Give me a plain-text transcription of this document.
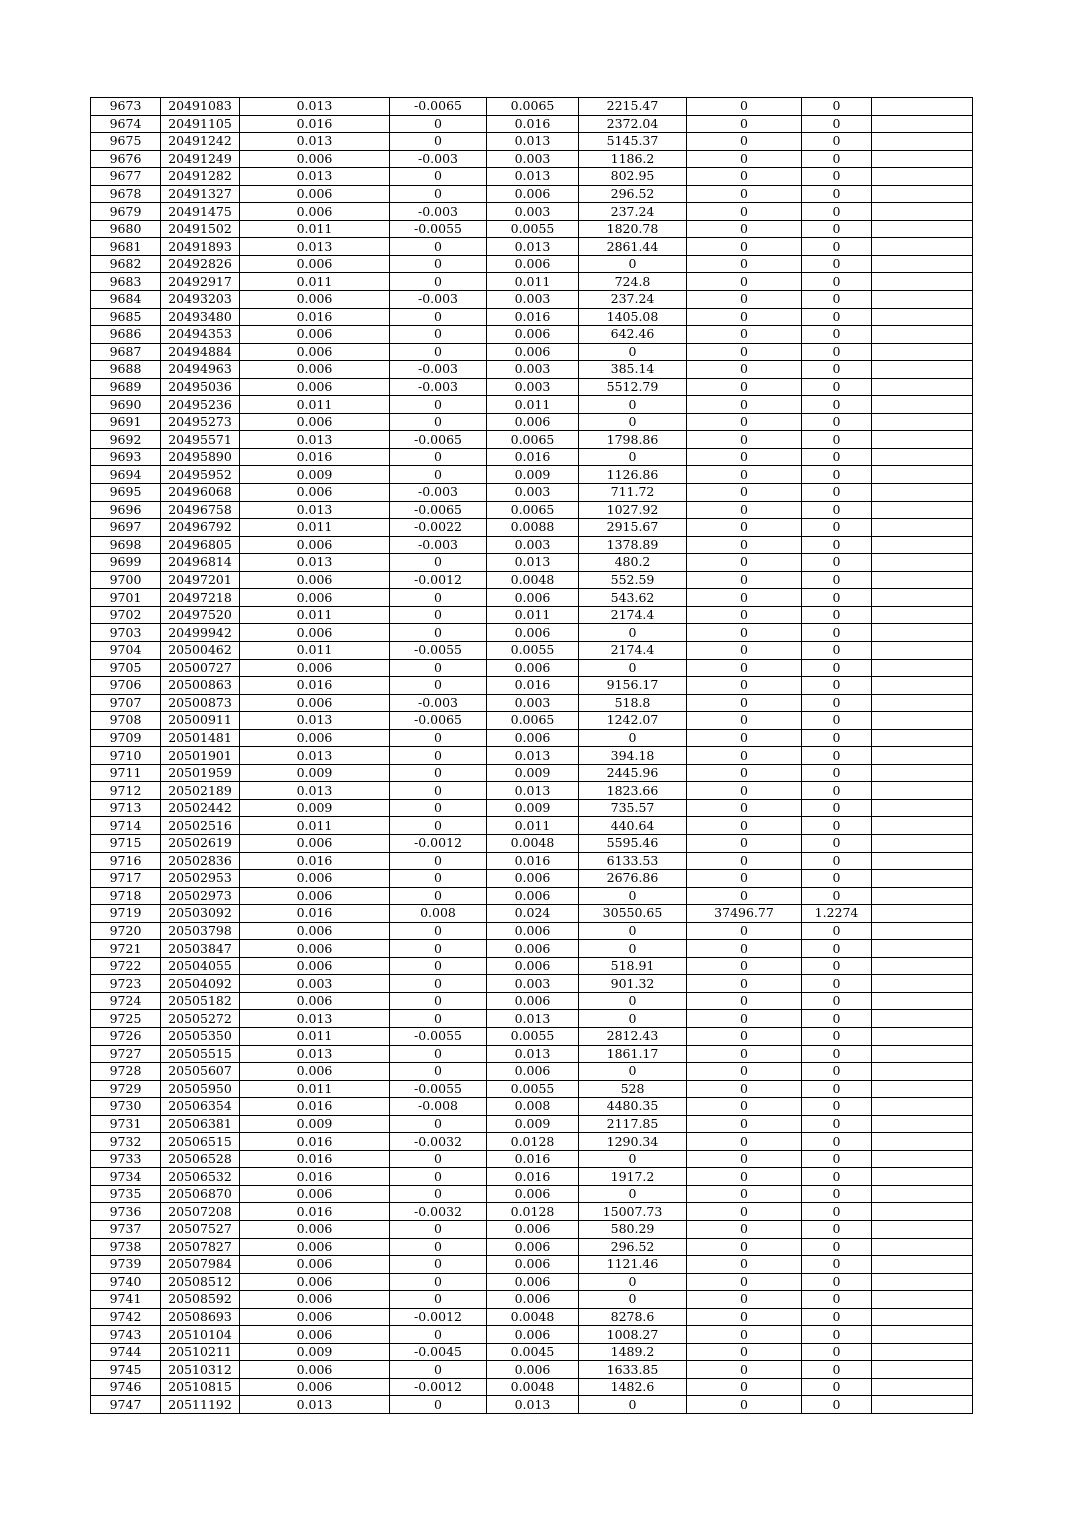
9673	20491083	0.013	-0.0065	0.0065	2215.47	0	0	
9674	20491105	0.016	0	0.016	2372.04	0	0	
9675	20491242	0.013	0	0.013	5145.37	0	0	
9676	20491249	0.006	-0.003	0.003	1186.2	0	0	
9677	20491282	0.013	0	0.013	802.95	0	0	
9678	20491327	0.006	0	0.006	296.52	0	0	
9679	20491475	0.006	-0.003	0.003	237.24	0	0	
9680	20491502	0.011	-0.0055	0.0055	1820.78	0	0	
9681	20491893	0.013	0	0.013	2861.44	0	0	
9682	20492826	0.006	0	0.006	0	0	0	
9683	20492917	0.011	0	0.011	724.8	0	0	
9684	20493203	0.006	-0.003	0.003	237.24	0	0	
9685	20493480	0.016	0	0.016	1405.08	0	0	
9686	20494353	0.006	0	0.006	642.46	0	0	
9687	20494884	0.006	0	0.006	0	0	0	
9688	20494963	0.006	-0.003	0.003	385.14	0	0	
9689	20495036	0.006	-0.003	0.003	5512.79	0	0	
9690	20495236	0.011	0	0.011	0	0	0	
9691	20495273	0.006	0	0.006	0	0	0	
9692	20495571	0.013	-0.0065	0.0065	1798.86	0	0	
9693	20495890	0.016	0	0.016	0	0	0	
9694	20495952	0.009	0	0.009	1126.86	0	0	
9695	20496068	0.006	-0.003	0.003	711.72	0	0	
9696	20496758	0.013	-0.0065	0.0065	1027.92	0	0	
9697	20496792	0.011	-0.0022	0.0088	2915.67	0	0	
9698	20496805	0.006	-0.003	0.003	1378.89	0	0	
9699	20496814	0.013	0	0.013	480.2	0	0	
9700	20497201	0.006	-0.0012	0.0048	552.59	0	0	
9701	20497218	0.006	0	0.006	543.62	0	0	
9702	20497520	0.011	0	0.011	2174.4	0	0	
9703	20499942	0.006	0	0.006	0	0	0	
9704	20500462	0.011	-0.0055	0.0055	2174.4	0	0	
9705	20500727	0.006	0	0.006	0	0	0	
9706	20500863	0.016	0	0.016	9156.17	0	0	
9707	20500873	0.006	-0.003	0.003	518.8	0	0	
9708	20500911	0.013	-0.0065	0.0065	1242.07	0	0	
9709	20501481	0.006	0	0.006	0	0	0	
9710	20501901	0.013	0	0.013	394.18	0	0	
9711	20501959	0.009	0	0.009	2445.96	0	0	
9712	20502189	0.013	0	0.013	1823.66	0	0	
9713	20502442	0.009	0	0.009	735.57	0	0	
9714	20502516	0.011	0	0.011	440.64	0	0	
9715	20502619	0.006	-0.0012	0.0048	5595.46	0	0	
9716	20502836	0.016	0	0.016	6133.53	0	0	
9717	20502953	0.006	0	0.006	2676.86	0	0	
9718	20502973	0.006	0	0.006	0	0	0	
9719	20503092	0.016	0.008	0.024	30550.65	37496.77	1.2274	
9720	20503798	0.006	0	0.006	0	0	0	
9721	20503847	0.006	0	0.006	0	0	0	
9722	20504055	0.006	0	0.006	518.91	0	0	
9723	20504092	0.003	0	0.003	901.32	0	0	
9724	20505182	0.006	0	0.006	0	0	0	
9725	20505272	0.013	0	0.013	0	0	0	
9726	20505350	0.011	-0.0055	0.0055	2812.43	0	0	
9727	20505515	0.013	0	0.013	1861.17	0	0	
9728	20505607	0.006	0	0.006	0	0	0	
9729	20505950	0.011	-0.0055	0.0055	528	0	0	
9730	20506354	0.016	-0.008	0.008	4480.35	0	0	
9731	20506381	0.009	0	0.009	2117.85	0	0	
9732	20506515	0.016	-0.0032	0.0128	1290.34	0	0	
9733	20506528	0.016	0	0.016	0	0	0	
9734	20506532	0.016	0	0.016	1917.2	0	0	
9735	20506870	0.006	0	0.006	0	0	0	
9736	20507208	0.016	-0.0032	0.0128	15007.73	0	0	
9737	20507527	0.006	0	0.006	580.29	0	0	
9738	20507827	0.006	0	0.006	296.52	0	0	
9739	20507984	0.006	0	0.006	1121.46	0	0	
9740	20508512	0.006	0	0.006	0	0	0	
9741	20508592	0.006	0	0.006	0	0	0	
9742	20508693	0.006	-0.0012	0.0048	8278.6	0	0	
9743	20510104	0.006	0	0.006	1008.27	0	0	
9744	20510211	0.009	-0.0045	0.0045	1489.2	0	0	
9745	20510312	0.006	0	0.006	1633.85	0	0	
9746	20510815	0.006	-0.0012	0.0048	1482.6	0	0	
9747	20511192	0.013	0	0.013	0	0	0	
